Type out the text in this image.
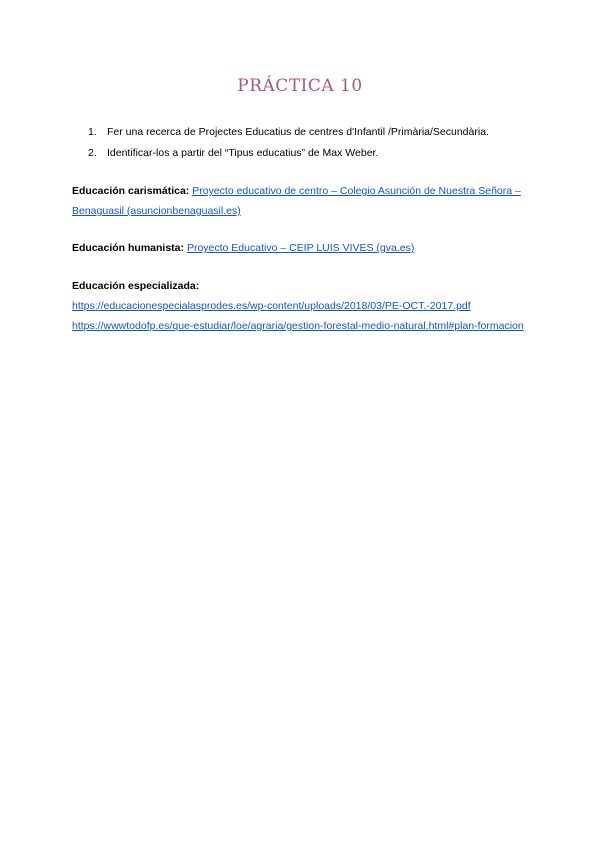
PRÁCTICA 10
1. Fer una recerca de Projectes Educatius de centres d'Infantil /Primària/Secundària.
2. Identificar-los a partir del “Tipus educatius” de Max Weber.
Educación carismática: Proyecto educativo de centro – Colegio Asunción de Nuestra Señora – Benaguasil (asuncionbenaguasil.es)
Educación humanista: Proyecto Educativo – CEIP LUIS VIVES (gva.es)
Educación especializada:
https://educacionespecialasprodes.es/wp-content/uploads/2018/03/PE-OCT.-2017.pdf
https://wwwtodofp.es/que-estudiar/loe/agraria/gestion-forestal-medio-natural.html#plan-formacion
